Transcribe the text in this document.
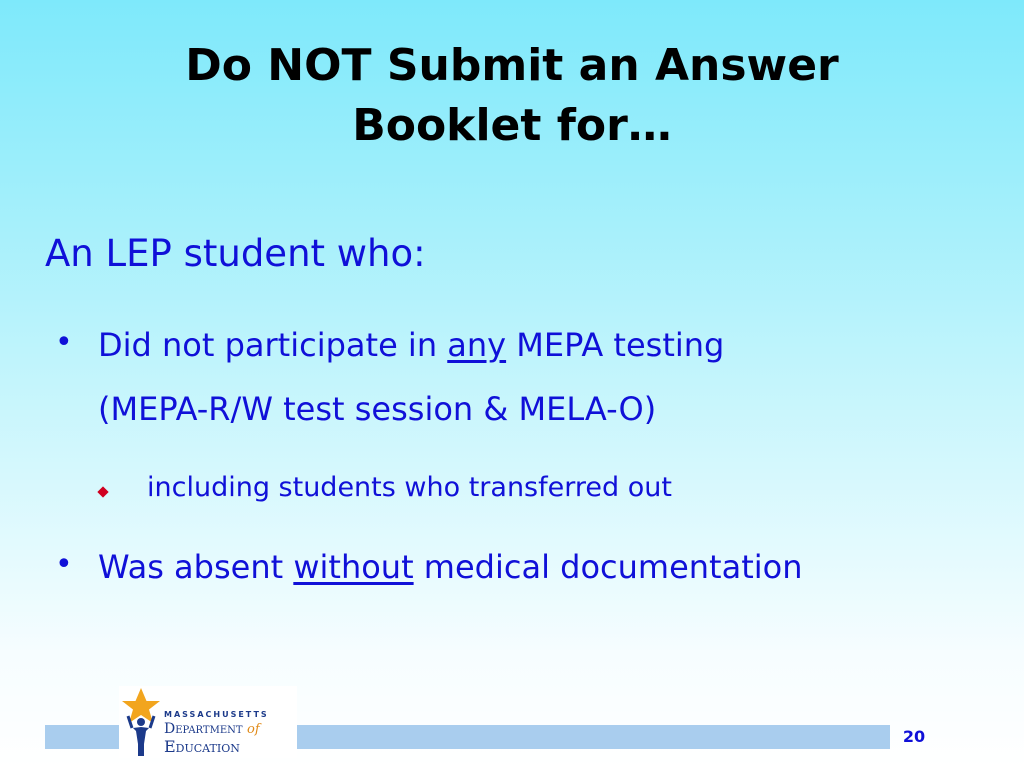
Do NOT Submit an Answer
Booklet for…
An LEP student who:
• Did not participate in any MEPA testing
(MEPA-R/W test session & MELA-O)
including students who transferred out
• Was absent without medical documentation
MASSACHUSETTS
Department of
Education
20
